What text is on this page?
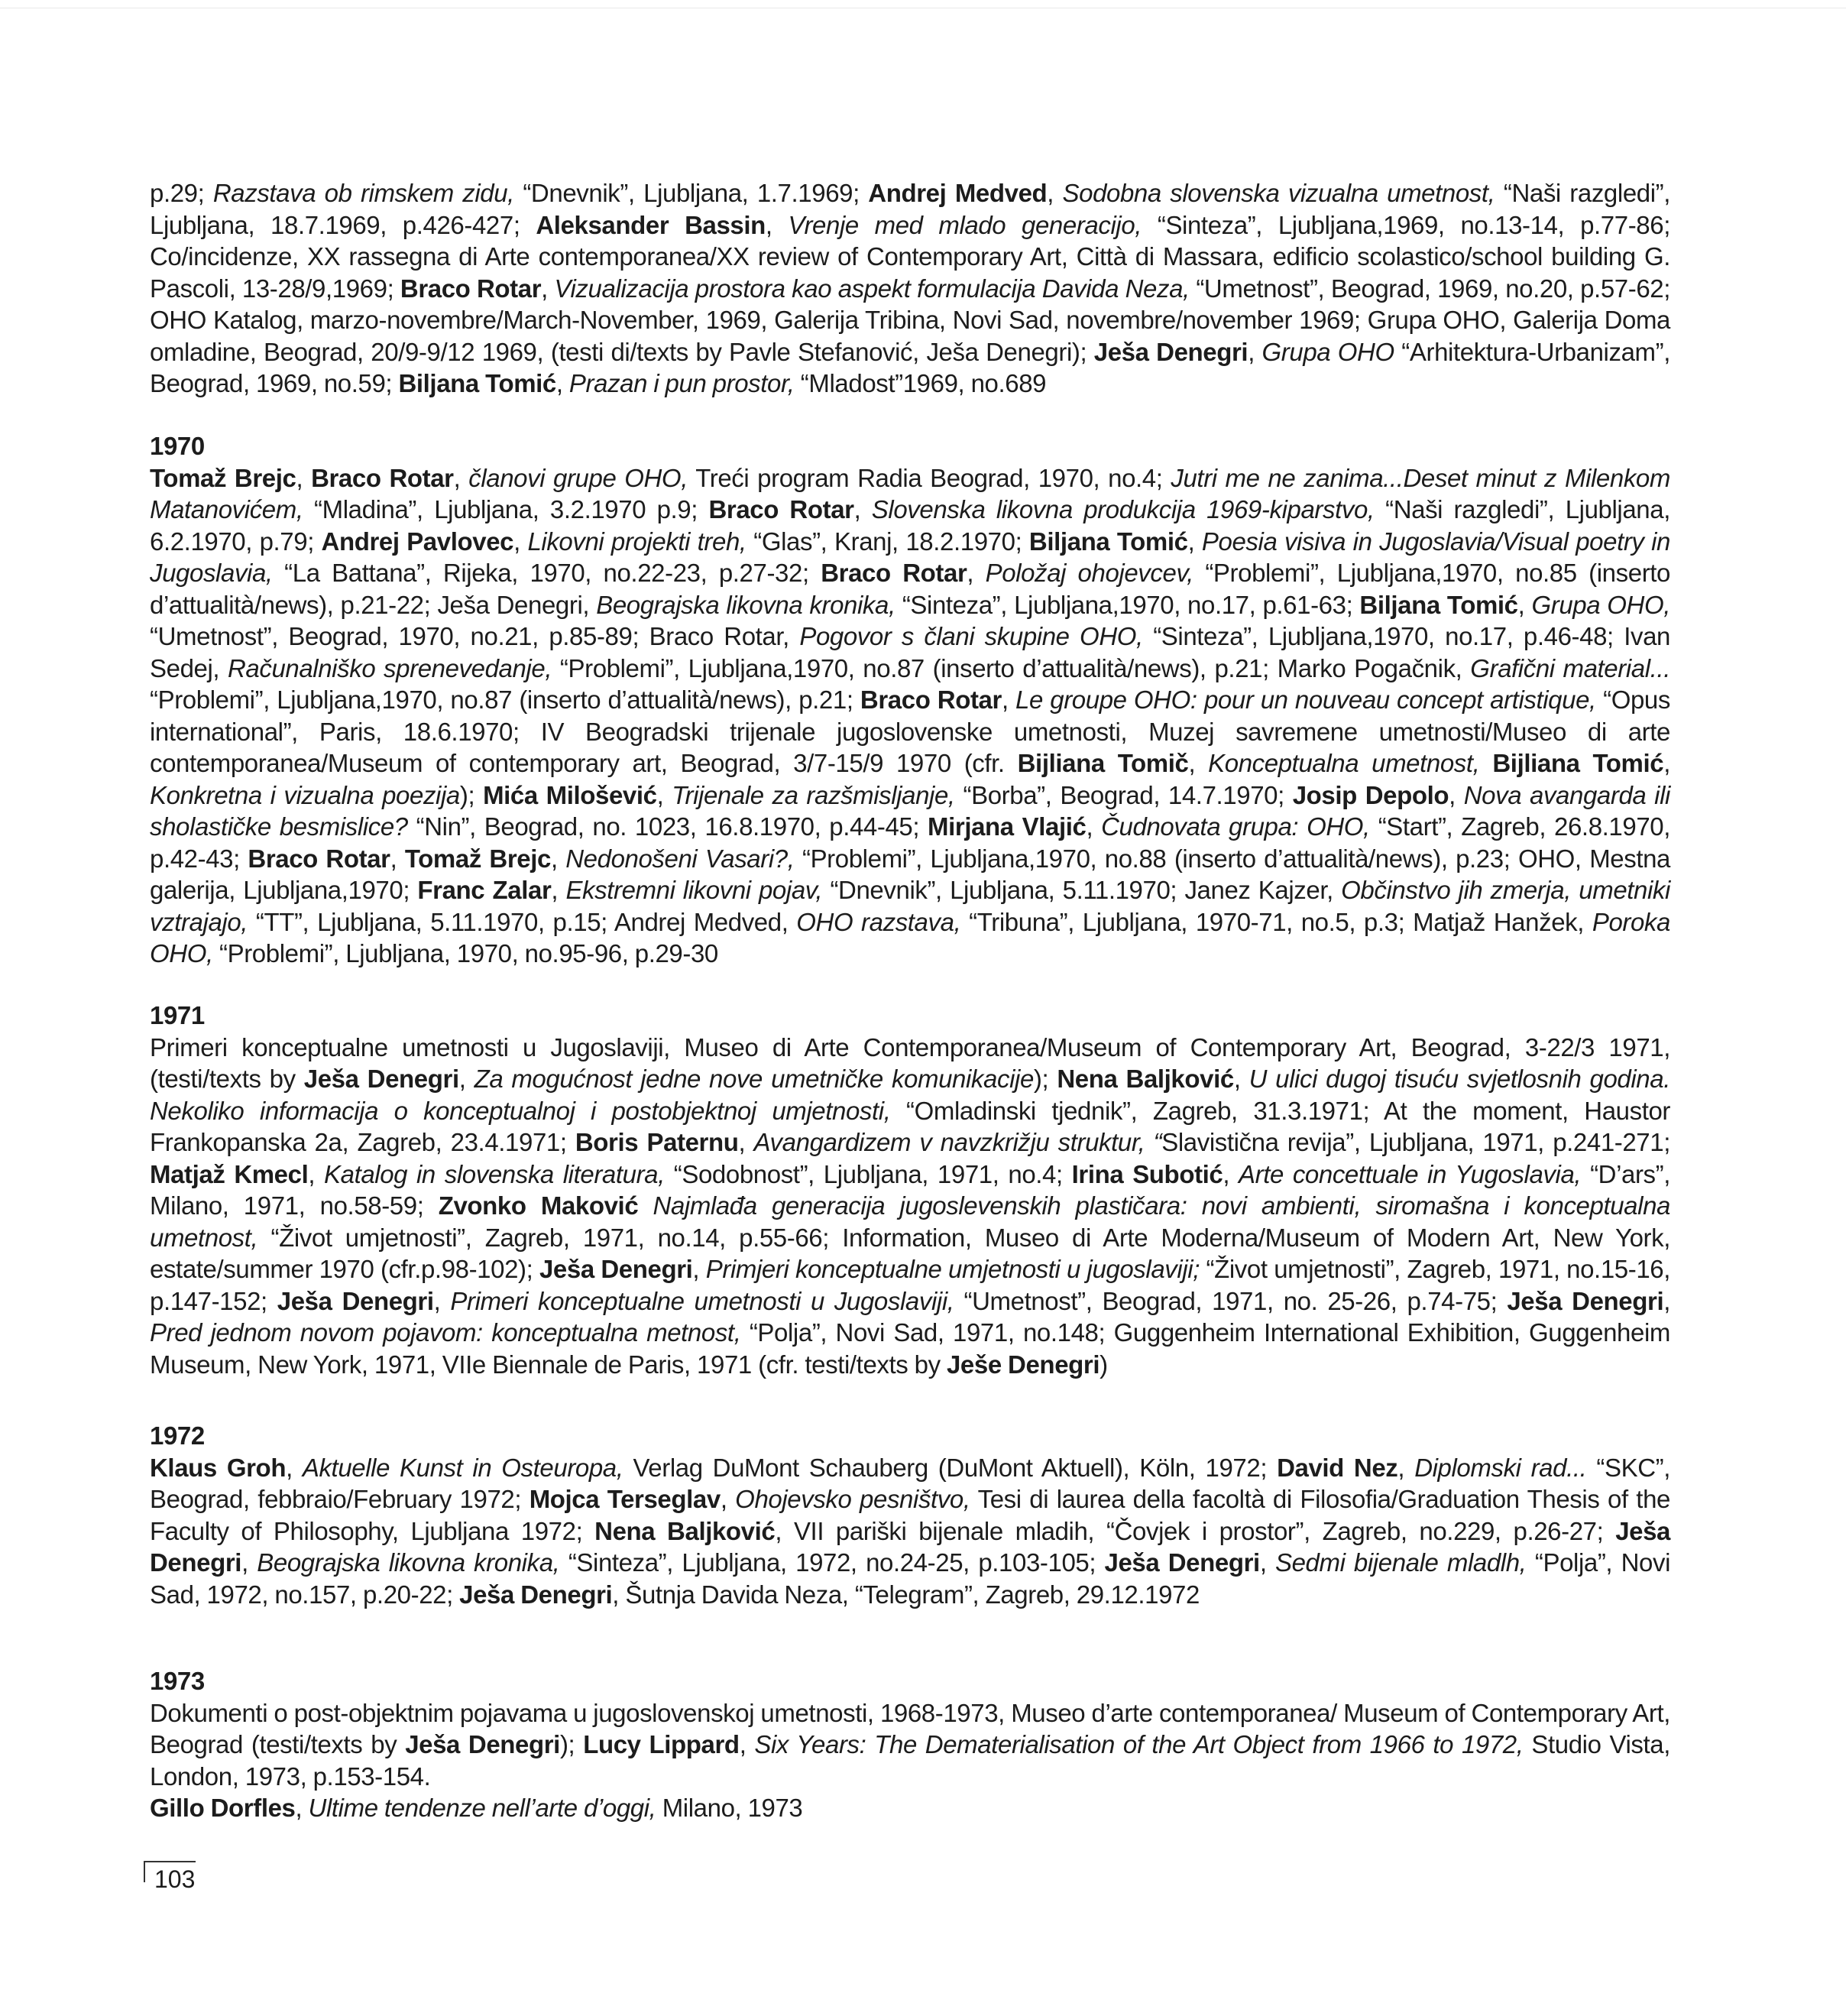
p.29; Razstava ob rimskem zidu, “Dnevnik”, Ljubljana, 1.7.1969; Andrej Medved, Sodobna slovenska vizualna umetnost, “Naši razgledi”, Ljubljana, 18.7.1969, p.426-427; Aleksander Bassin, Vrenje med mlado generacijo, “Sinteza”, Ljubljana,1969, no.13-14, p.77-86; Co/incidenze, XX rassegna di Arte contemporanea/XX review of Contemporary Art, Città di Massara, edificio scolastico/school building G. Pascoli, 13-28/9,1969; Braco Rotar, Vizualizacija prostora kao aspekt formulacija Davida Neza, “Umetnost”, Beograd, 1969, no.20, p.57-62; OHO Katalog, marzo-novembre/March-November, 1969, Galerija Tribina, Novi Sad, novembre/november 1969; Grupa OHO, Galerija Doma omladine, Beograd, 20/9-9/12 1969, (testi di/texts by Pavle Stefanović, Ješa Denegri); Ješa Denegri, Grupa OHO “Arhitektura-Urbanizam”, Beograd, 1969, no.59; Biljana Tomić, Prazan i pun prostor, “Mladost”1969, no.689

1970

Tomaž Brejc, Braco Rotar, članovi grupe OHO, Treći program Radia Beograd, 1970, no.4; Jutri me ne zanima...Deset minut z Milenkom Matanovićem, “Mladina”, Ljubljana, 3.2.1970 p.9; Braco Rotar, Slovenska likovna produkcija 1969-kiparstvo, “Naši razgledi”, Ljubljana, 6.2.1970, p.79; Andrej Pavlovec, Likovni projekti treh, “Glas”, Kranj, 18.2.1970; Biljana Tomić, Poesia visiva in Jugoslavia/Visual poetry in Jugoslavia, “La Battana”, Rijeka, 1970, no.22-23, p.27-32; Braco Rotar, Položaj ohojevcev, “Problemi”, Ljubljana,1970, no.85 (inserto d’attualità/news), p.21-22; Ješa Denegri, Beograjska likovna kronika, “Sinteza”, Ljubljana,1970, no.17, p.61-63; Biljana Tomić, Grupa OHO, “Umetnost”, Beograd, 1970, no.21, p.85-89; Braco Rotar, Pogovor s člani skupine OHO, “Sinteza”, Ljubljana,1970, no.17, p.46-48; Ivan Sedej, Računalniško sprenevedanje, “Problemi”, Ljubljana,1970, no.87 (inserto d’attualità/news), p.21; Marko Pogačnik, Grafični material... “Problemi”, Ljubljana,1970, no.87 (inserto d’attualità/news), p.21; Braco Rotar, Le groupe OHO: pour un nouveau concept artistique, “Opus international”, Paris, 18.6.1970; IV Beogradski trijenale jugoslovenske umetnosti, Muzej savremene umetnosti/Museo di arte contemporanea/Museum of contemporary art, Beograd, 3/7-15/9 1970 (cfr. Bijliana Tomič, Konceptualna umetnost, Bijliana Tomić, Konkretna i vizualna poezija); Mića Milošević, Trijenale za razšmisljanje, “Borba”, Beograd, 14.7.1970; Josip Depolo, Nova avangarda ili sholastičke besmislice? “Nin”, Beograd, no. 1023, 16.8.1970, p.44-45; Mirjana Vlajić, Čudnovata grupa: OHO, “Start”, Zagreb, 26.8.1970, p.42-43; Braco Rotar, Tomaž Brejc, Nedonošeni Vasari?, “Problemi”, Ljubljana,1970, no.88 (inserto d’attualità/news), p.23; OHO, Mestna galerija, Ljubljana,1970; Franc Zalar, Ekstremni likovni pojav, “Dnevnik”, Ljubljana, 5.11.1970; Janez Kajzer, Občinstvo jih zmerja, umetniki vztrajajo, “TT”, Ljubljana, 5.11.1970, p.15; Andrej Medved, OHO razstava, “Tribuna”, Ljubljana, 1970-71, no.5, p.3; Matjaž Hanžek, Poroka OHO, “Problemi”, Ljubljana, 1970, no.95-96, p.29-30

1971

Primeri konceptualne umetnosti u Jugoslaviji, Museo di Arte Contemporanea/Museum of Contemporary Art, Beograd, 3-22/3 1971, (testi/texts by Ješa Denegri, Za mogućnost jedne nove umetničke komunikacije); Nena Baljković, U ulici dugoj tisuću svjetlosnih godina. Nekoliko informacija o konceptualnoj i postobjektnoj umjetnosti, “Omladinski tjednik”, Zagreb, 31.3.1971; At the moment, Haustor Frankopanska 2a, Zagreb, 23.4.1971; Boris Paternu, Avangardizem v navzkrižju struktur, “Slavistična revija”, Ljubljana, 1971, p.241-271; Matjaž Kmecl, Katalog in slovenska literatura, “Sodobnost”, Ljubljana, 1971, no.4; Irina Subotić, Arte concettuale in Yugoslavia, “D’ars”, Milano, 1971, no.58-59; Zvonko Maković Najmlađa generacija jugoslevenskih plastičara: novi ambienti, siromašna i konceptualna umetnost, “Život umjetnosti”, Zagreb, 1971, no.14, p.55-66; Information, Museo di Arte Moderna/Museum of Modern Art, New York, estate/summer 1970 (cfr.p.98-102); Ješa Denegri, Primjeri konceptualne umjetnosti u jugoslaviji; “Život umjetnosti”, Zagreb, 1971, no.15-16, p.147-152; Ješa Denegri, Primeri konceptualne umetnosti u Jugoslaviji, “Umetnost”, Beograd, 1971, no. 25-26, p.74-75; Ješa Denegri, Pred jednom novom pojavom: konceptualna metnost, “Polja”, Novi Sad, 1971, no.148; Guggenheim International Exhibition, Guggenheim Museum, New York, 1971, VIIe Biennale de Paris, 1971 (cfr. testi/texts by Ješe Denegri)

1972

Klaus Groh, Aktuelle Kunst in Osteuropa, Verlag DuMont Schauberg (DuMont Aktuell), Köln, 1972; David Nez, Diplomski rad... “SKC”, Beograd, febbraio/February 1972; Mojca Terseglav, Ohojevsko pesništvo, Tesi di laurea della facoltà di Filosofia/Graduation Thesis of the Faculty of Philosophy, Ljubljana 1972; Nena Baljković, VII pariški bijenale mladih, “Čovjek i prostor”, Zagreb, no.229, p.26-27; Ješa Denegri, Beograjska likovna kronika, “Sinteza”, Ljubljana, 1972, no.24-25, p.103-105; Ješa Denegri, Sedmi bijenale mladlh, “Polja”, Novi Sad, 1972, no.157, p.20-22; Ješa Denegri, Šutnja Davida Neza, “Telegram”, Zagreb, 29.12.1972

1973

Dokumenti o post-objektnim pojavama u jugoslovenskoj umetnosti, 1968-1973, Museo d’arte contemporanea/ Museum of Contemporary Art, Beograd (testi/texts by Ješa Denegri); Lucy Lippard, Six Years: The Dematerialisation of the Art Object from 1966 to 1972, Studio Vista, London, 1973, p.153-154.

Gillo Dorfles, Ultime tendenze nell’arte d’oggi, Milano, 1973

103
